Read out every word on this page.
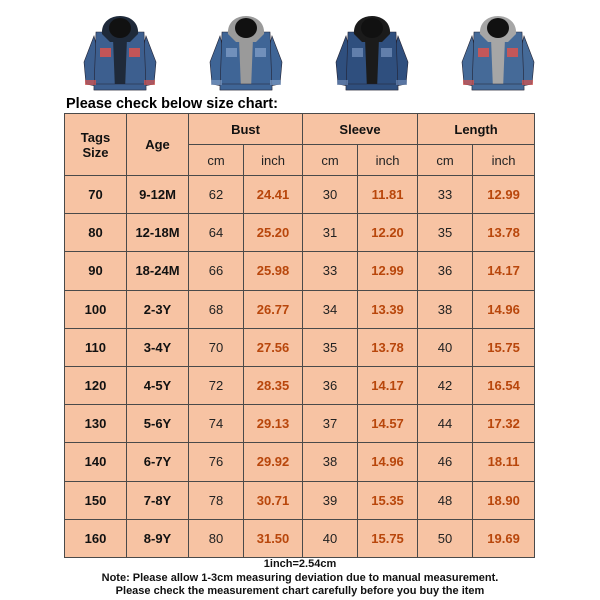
Please check below size chart:
Tags
Size	Age	Bust		Sleeve		Length	
		cm	inch	cm	inch	cm	inch
70	9-12M	62	24.41	30	11.81	33	12.99
80	12-18M	64	25.20	31	12.20	35	13.78
90	18-24M	66	25.98	33	12.99	36	14.17
100	2-3Y	68	26.77	34	13.39	38	14.96
110	3-4Y	70	27.56	35	13.78	40	15.75
120	4-5Y	72	28.35	36	14.17	42	16.54
130	5-6Y	74	29.13	37	14.57	44	17.32
140	6-7Y	76	29.92	38	14.96	46	18.11
150	7-8Y	78	30.71	39	15.35	48	18.90
160	8-9Y	80	31.50	40	15.75	50	19.69
1inch=2.54cm
Note: Please allow 1-3cm measuring deviation due to manual measurement.
Please check the measurement chart carefully before you buy the item
